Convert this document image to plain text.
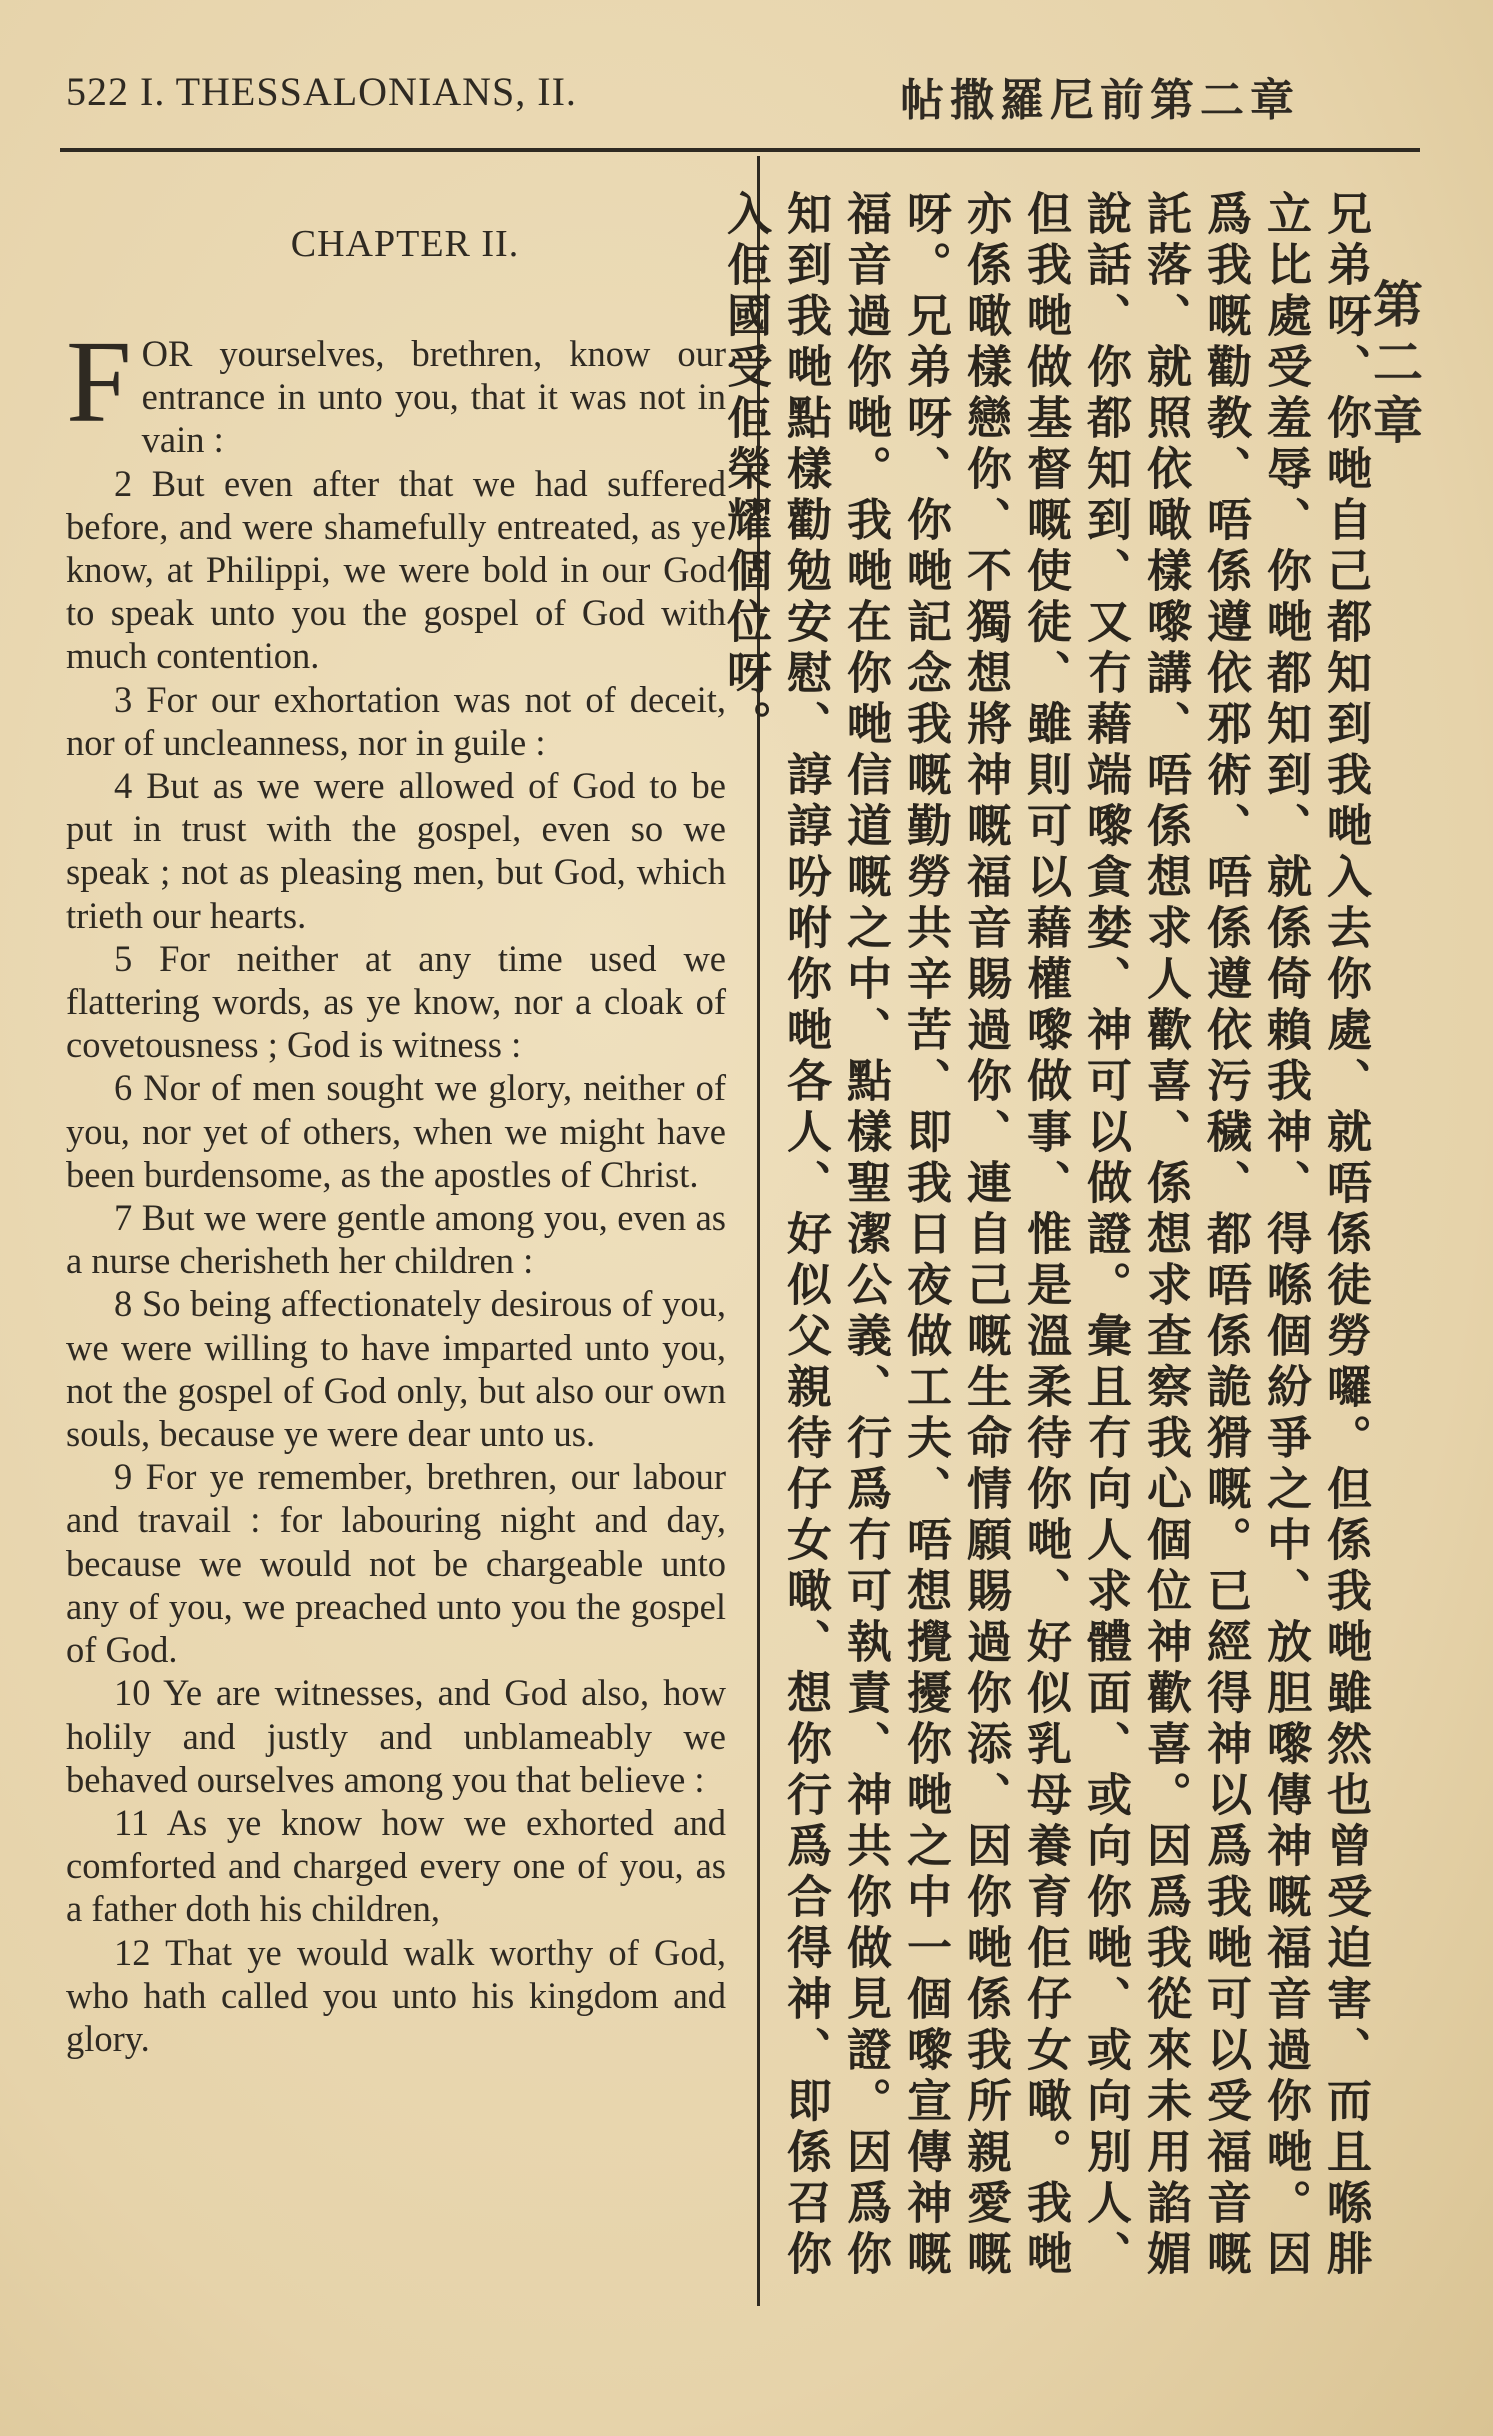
522 I. THESSALONIANS, II.	帖撒羅尼前第二章
CHAPTER II.

FOR yourselves, brethren, know our entrance in unto you, that it was not in vain :

2 But even after that we had suffered before, and were shamefully entreated, as ye know, at Philippi, we were bold in our God to speak unto you the gospel of God with much contention.

3 For our exhortation was not of deceit, nor of uncleanness, nor in guile :

4 But as we were allowed of God to be put in trust with the gospel, even so we speak ; not as pleasing men, but God, which trieth our hearts.

5 For neither at any time used we flattering words, as ye know, nor a cloak of covetousness ; God is witness :

6 Nor of men sought we glory, neither of you, nor yet of others, when we might have been burdensome, as the apostles of Christ.

7 But we were gentle among you, even as a nurse cherisheth her children :

8 So being affectionately desirous of you, we were willing to have imparted unto you, not the gospel of God only, but also our own souls, because ye were dear unto us.

9 For ye remember, brethren, our labour and travail : for labouring night and day, because we would not be chargeable unto any of you, we preached unto you the gospel of God.

10 Ye are witnesses, and God also, how holily and justly and unblameably we behaved ourselves among you that believe :

11 As ye know how we exhorted and comforted and charged every one of you, as a father doth his children,

12 That ye would walk worthy of God, who hath called you unto his kingdom and glory.

第二章

兄弟呀、你哋自己都知到我哋入去你處、就唔係徒勞囉。但係我哋雖然也曾受迫害、而且喺腓立比處受羞辱、你哋都知到、就係倚賴我神、得喺個紛爭之中、放胆嚟傳神嘅福音過你哋。因爲我嘅勸教、唔係遵依邪術、唔係遵依污穢、都唔係詭猾嘅。已經得神以爲我哋可以受福音嘅託落、就照依噉樣嚟講、唔係想求人歡喜、係想求查察我心個位神歡喜。因爲我從來未用諂媚說話、你都知到、又冇藉端嚟貪婪、神可以做證。彙且冇向人求體面、或向你哋、或向別人、但我哋做基督嘅使徒、雖則可以藉權嚟做事、惟是溫柔待你哋、好似乳母養育佢仔女噉。我哋亦係噉樣戀你、不獨想將神嘅福音賜過你、連自己嘅生命情願賜過你添、因你哋係我所親愛嘅呀。兄弟呀、你哋記念我嘅勤勞共辛苦、即我日夜做工夫、唔想攪擾你哋之中一個嚟宣傳神嘅福音過你哋。我哋在你哋信道嘅之中、點樣聖潔公義、行爲冇可執責、神共你做見證。因爲你知到我哋點樣勸勉安慰、諄諄吩咐你哋各人、好似父親待仔女噉、想你行爲合得神、即係召你入佢國受佢榮耀個位呀。
